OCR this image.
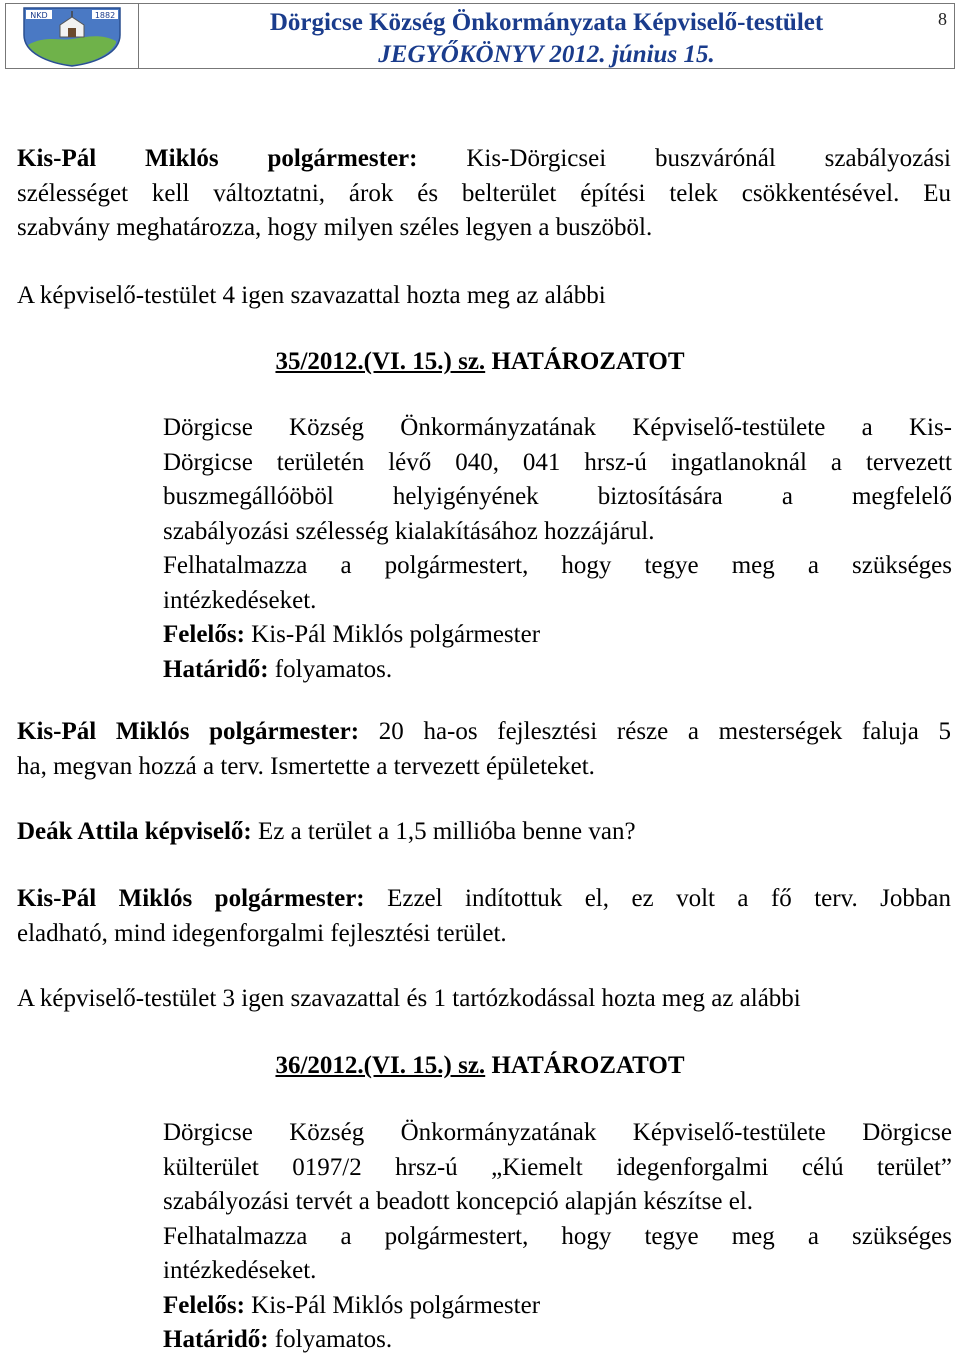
NKD	1882	Dörgicse Község Önkormányzata Képviselő-testület
JEGYŐKÖNYV 2012. június 15.
8
Kis-Pál Miklós polgármester: Kis-Dörgicsei buszvárónál szabályozási
szélességet kell változtatni, árok és belterület építési telek csökkentésével. Eu
szabvány meghatározza, hogy milyen széles legyen a buszöböl.
A képviselő-testület 4 igen szavazattal hozta meg az alábbi
35/2012.(VI. 15.) sz. HATÁROZATOT
Dörgicse Község Önkormányzatának Képviselő-testülete a Kis-
Dörgicse területén lévő 040, 041 hrsz-ú ingatlanoknál a tervezett
buszmegállóöböl helyigényének biztosítására a megfelelő
szabályozási szélesség kialakításához hozzájárul.
Felhatalmazza a polgármestert, hogy tegye meg a szükséges
intézkedéseket.
Felelős: Kis-Pál Miklós polgármester
Határidő: folyamatos.
Kis-Pál Miklós polgármester: 20 ha-os fejlesztési része a mesterségek faluja 5
ha, megvan hozzá a terv. Ismertette a tervezett épületeket.
Deák Attila képviselő: Ez a terület a 1,5 millióba benne van?
Kis-Pál Miklós polgármester: Ezzel indítottuk el, ez volt a fő terv. Jobban
eladható, mind idegenforgalmi fejlesztési terület.
A képviselő-testület 3 igen szavazattal és 1 tartózkodással hozta meg az alábbi
36/2012.(VI. 15.) sz. HATÁROZATOT
Dörgicse Község Önkormányzatának Képviselő-testülete Dörgicse
külterület 0197/2 hrsz-ú „Kiemelt idegenforgalmi célú terület”
szabályozási tervét a beadott koncepció alapján készítse el.
Felhatalmazza a polgármestert, hogy tegye meg a szükséges
intézkedéseket.
Felelős: Kis-Pál Miklós polgármester
Határidő: folyamatos.
